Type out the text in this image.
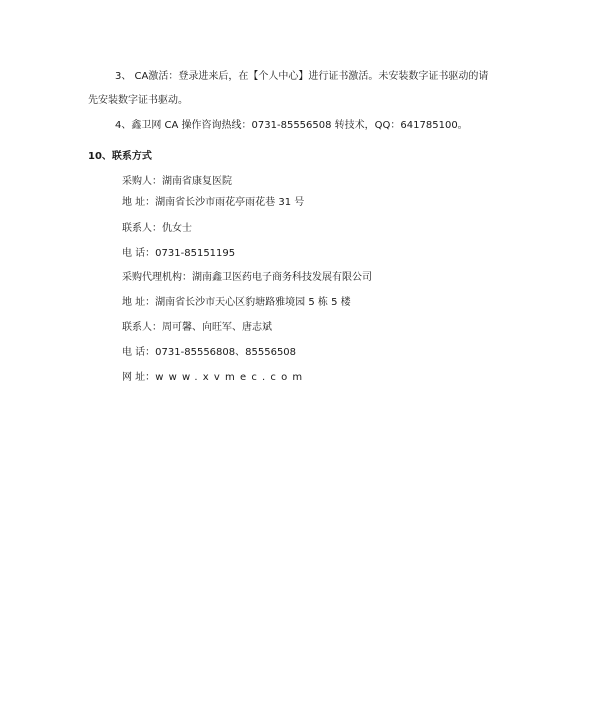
3、 CA激活：登录进来后，在【个人中心】进行证书激活。未安装数字证书驱动的请
先安装数字证书驱动。
4、鑫卫网 CA 操作咨询热线：0731-85556508 转技术，QQ：641785100。
10、联系方式
采购人：湖南省康复医院
地 址：湖南省长沙市雨花亭雨花巷 31 号
联系人：仇女士
电 话：0731-85151195
采购代理机构：湖南鑫卫医药电子商务科技发展有限公司
地 址：湖南省长沙市天心区豹塘路雅境园 5 栋 5 楼
联系人：周可馨、向旺军、唐志斌
电 话：0731-85556808、85556508
网 址：www.xvmec.com
